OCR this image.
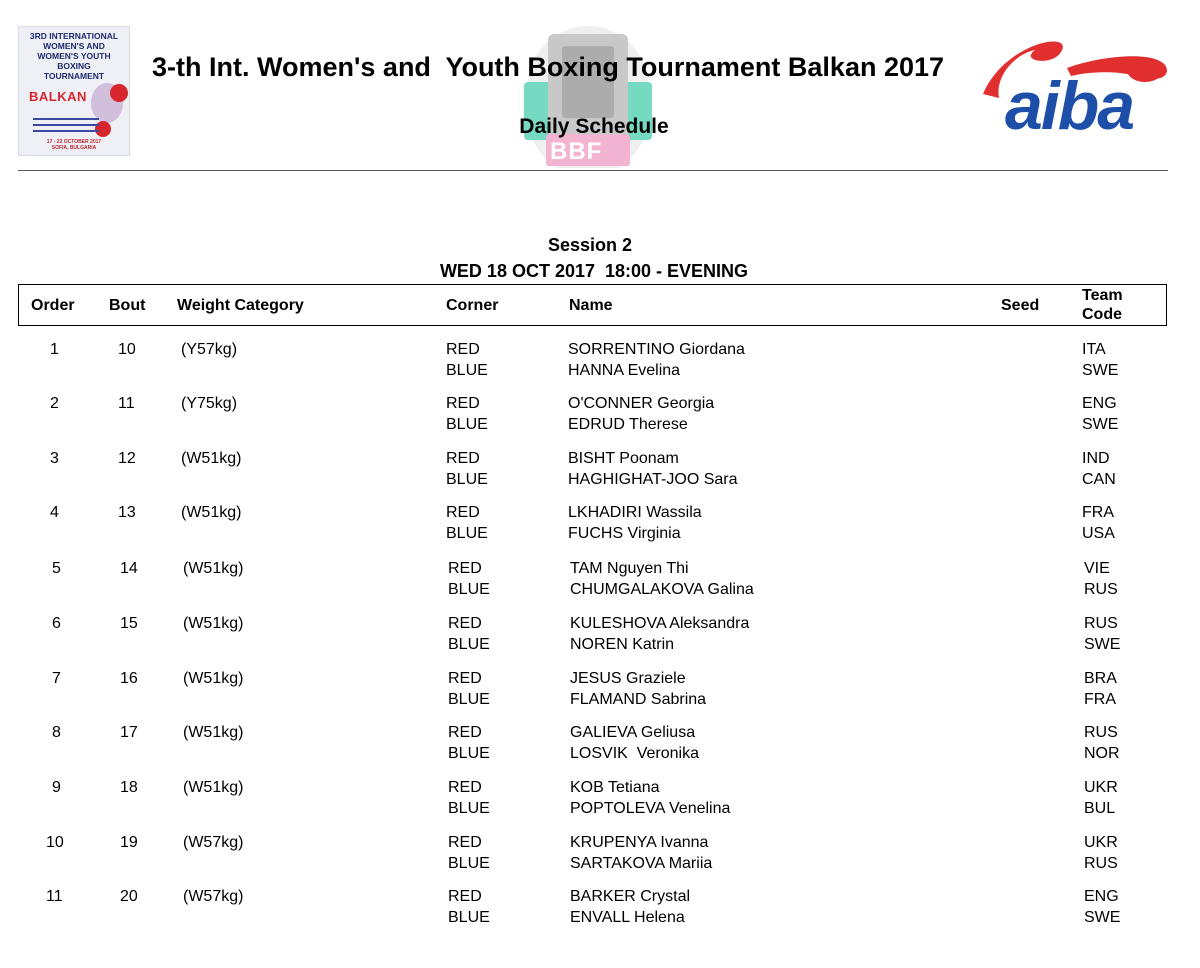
3RD INTERNATIONAL
WOMEN'S AND
WOMEN'S YOUTH
BOXING
TOURNAMENT
BALKAN
17 - 22 OCTOBER 2017
SOFIA, BULGARIA	BBF
3-th Int. Women's and  Youth Boxing Tournament Balkan 2017
Daily Schedule	aiba
Session 2
WED 18 OCT 2017  18:00 - EVENING
Order Bout Weight Category	Corner	Name	Seed
Team
Code
1	10	(Y57kg)	RED	SORRENTINO Giordana	ITA
BLUE	HANNA Evelina	SWE
2	11	(Y75kg)	RED	O'CONNER Georgia	ENG
BLUE	EDRUD Therese	SWE
3	12	(W51kg)	RED	BISHT Poonam	IND
BLUE	HAGHIGHAT-JOO Sara	CAN
4	13	(W51kg)	RED	LKHADIRI Wassila	FRA
BLUE	FUCHS Virginia	USA
5	14	(W51kg)	RED	TAM Nguyen Thi	VIE
BLUE	CHUMGALAKOVA Galina	RUS
6	15	(W51kg)	RED	KULESHOVA Aleksandra	RUS
BLUE	NOREN Katrin	SWE
7	16	(W51kg)	RED	JESUS Graziele	BRA
BLUE	FLAMAND Sabrina	FRA
8	17	(W51kg)	RED	GALIEVA Geliusa	RUS
BLUE	LOSVIK  Veronika	NOR
9	18	(W51kg)	RED	KOB Tetiana	UKR
BLUE	POPTOLEVA Venelina	BUL
10	19	(W57kg)	RED	KRUPENYA Ivanna	UKR
BLUE	SARTAKOVA Mariia	RUS
11	20	(W57kg)	RED	BARKER Crystal	ENG
BLUE	ENVALL Helena	SWE
